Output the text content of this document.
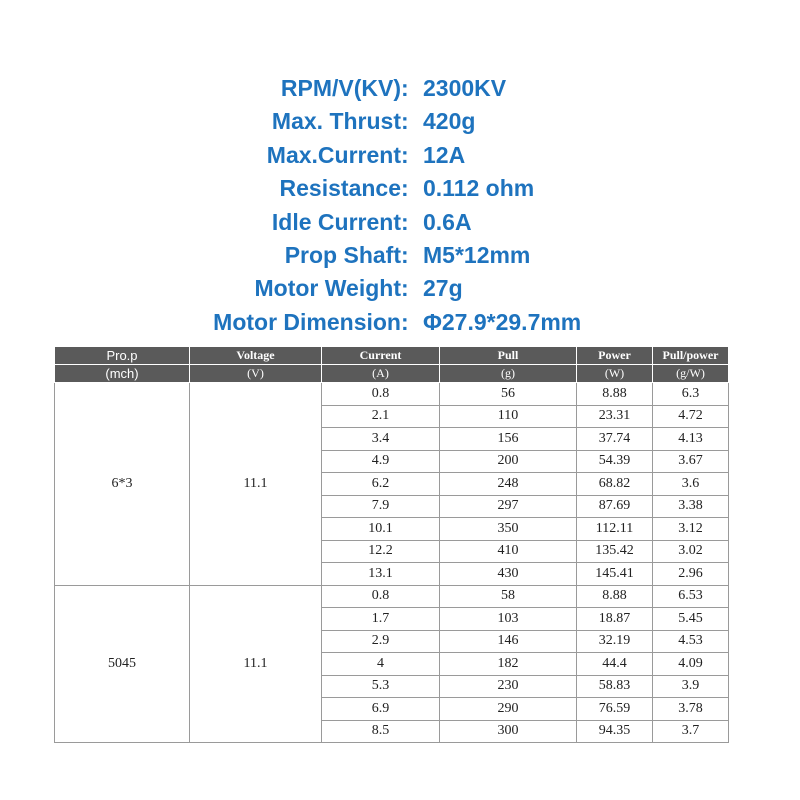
RPM/V(KV) : 2300KV
Max. Thrust : 420g
Max.Current : 12A
Resistance : 0.112 ohm
Idle Current : 0.6A
Prop Shaft : M5*12mm
Motor Weight : 27g
Motor Dimension : Φ27.9*29.7mm
Pro.p	Voltage	Current	Pull	Power	Pull/power
(mch)	(V)	(A)	(g)	(W)	(g/W)
6*3	11.1	0.8	56	8.88	6.3
		2.1	110	23.31	4.72
		3.4	156	37.74	4.13
		4.9	200	54.39	3.67
		6.2	248	68.82	3.6
		7.9	297	87.69	3.38
		10.1	350	112.11	3.12
		12.2	410	135.42	3.02
		13.1	430	145.41	2.96
5045	11.1	0.8	58	8.88	6.53
		1.7	103	18.87	5.45
		2.9	146	32.19	4.53
		4	182	44.4	4.09
		5.3	230	58.83	3.9
		6.9	290	76.59	3.78
		8.5	300	94.35	3.7
